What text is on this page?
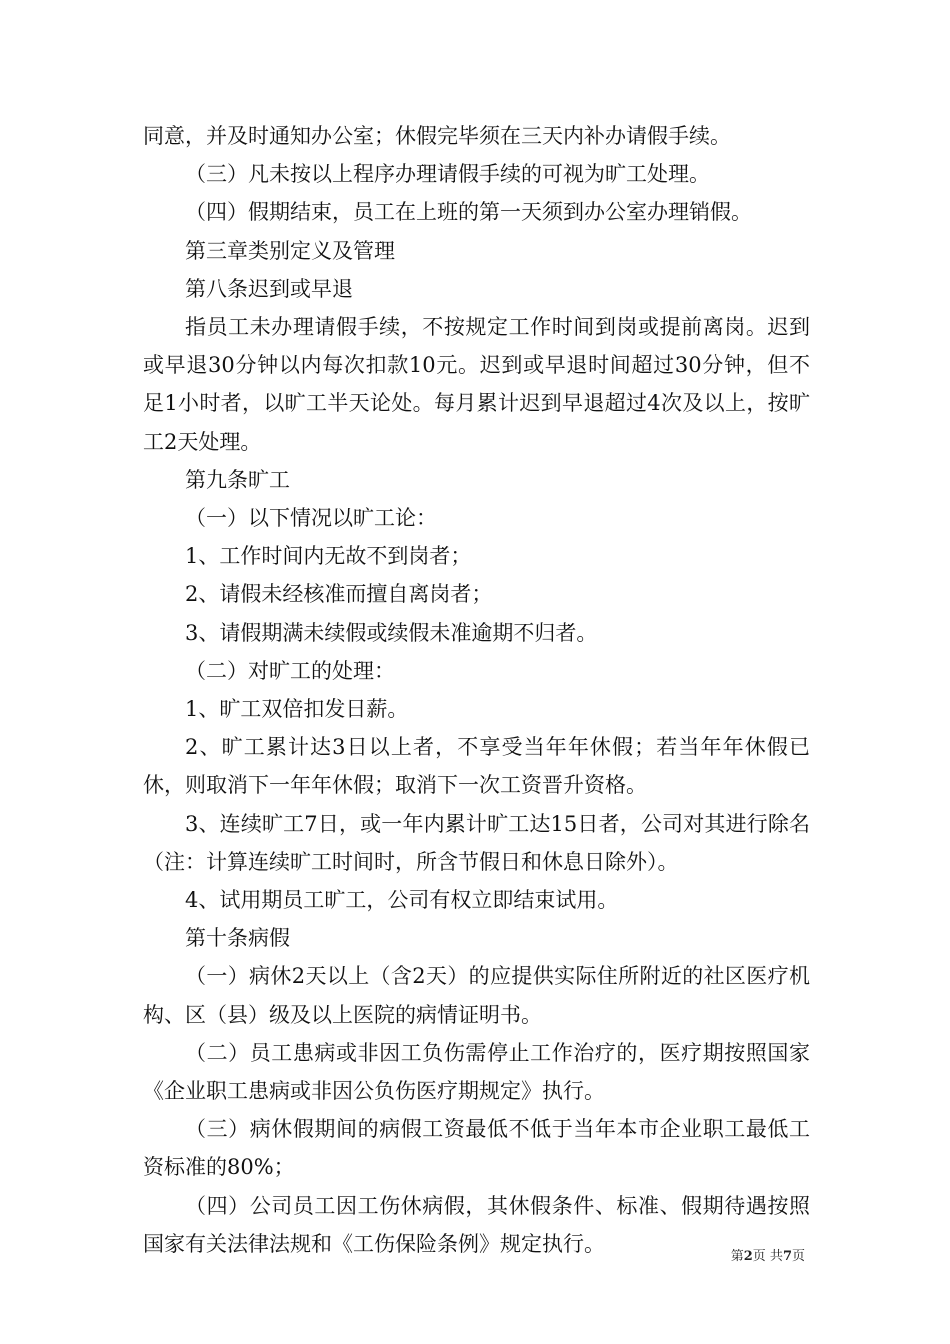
同意，并及时通知办公室；休假完毕须在三天内补办请假手续。

（三）凡未按以上程序办理请假手续的可视为旷工处理。

（四）假期结束，员工在上班的第一天须到办公室办理销假。

第三章类别定义及管理

第八条迟到或早退

指员工未办理请假手续，不按规定工作时间到岗或提前离岗。迟到或早退30分钟以内每次扣款10元。迟到或早退时间超过30分钟，但不足1小时者，以旷工半天论处。每月累计迟到早退超过4次及以上，按旷工2天处理。

第九条旷工

（一）以下情况以旷工论：

1、工作时间内无故不到岗者；

2、请假未经核准而擅自离岗者；

3、请假期满未续假或续假未准逾期不归者。

（二）对旷工的处理：

1、旷工双倍扣发日薪。

2、旷工累计达3日以上者，不享受当年年休假；若当年年休假已休，则取消下一年年休假；取消下一次工资晋升资格。

3、连续旷工7日，或一年内累计旷工达15日者，公司对其进行除名（注：计算连续旷工时间时，所含节假日和休息日除外）。

4、试用期员工旷工，公司有权立即结束试用。

第十条病假

（一）病休2天以上（含2天）的应提供实际住所附近的社区医疗机构、区（县）级及以上医院的病情证明书。

（二）员工患病或非因工负伤需停止工作治疗的，医疗期按照国家《企业职工患病或非因公负伤医疗期规定》执行。

（三）病休假期间的病假工资最低不低于当年本市企业职工最低工资标准的80%；

（四）公司员工因工伤休病假，其休假条件、标准、假期待遇按照国家有关法律法规和《工伤保险条例》规定执行。

第2页 共7页
